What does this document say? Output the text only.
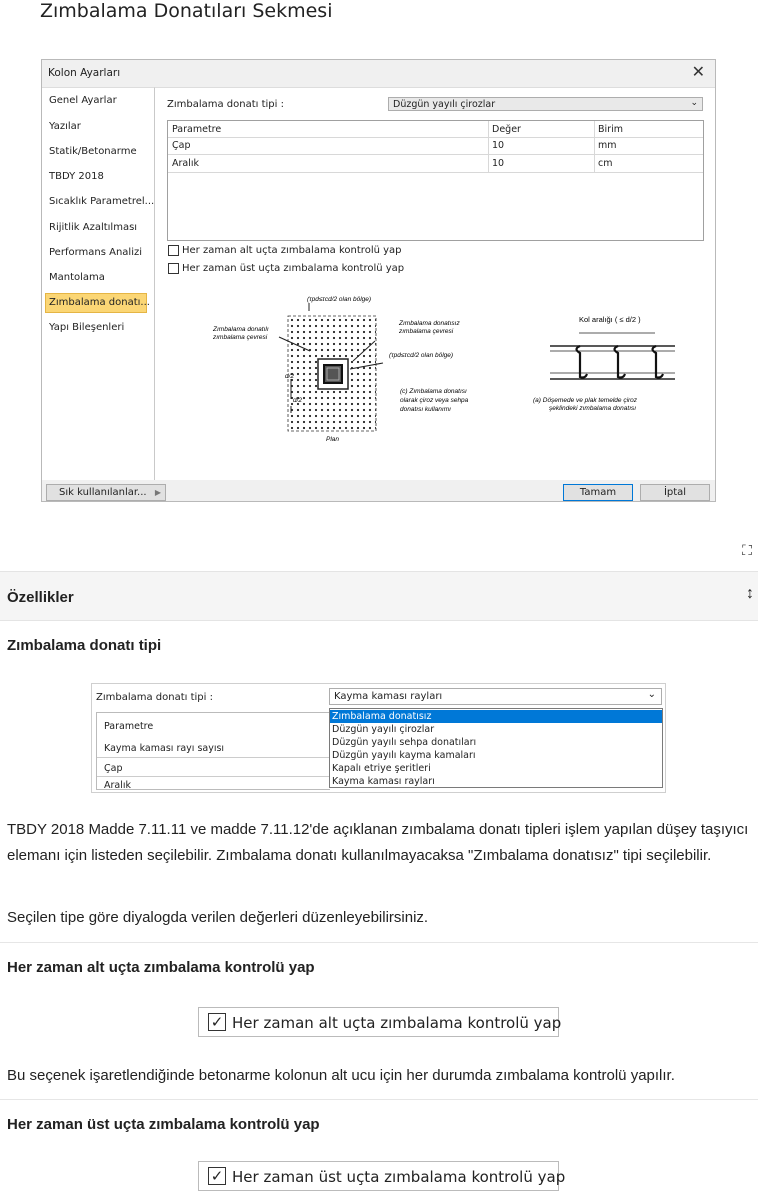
Zımbalama Donatıları Sekmesi
Kolon Ayarları	✕
Genel Ayarlar
Yazılar
Statik/Betonarme
TBDY 2018
Sıcaklık Parametrel...
Rijitlik Azaltılması
Performans Analizi
Mantolama
Zımbalama donatı...
Yapı Bileşenleri
Zımbalama donatı tipi :	Düzgün yayılı çirozlar	⌄
Parametre	Değer	Birim
Çap	10	mm
Aralık	10	cm
Her zaman alt uçta zımbalama kontrolü yap
Her zaman üst uçta zımbalama kontrolü yap
(τpd≤τcd/2 olan bölge)
Zımbalama donatılı
zımbalama çevresi
Zımbalama donatısız
zımbalama çevresi
(τpd≤τcd/2 olan bölge)
d/2
d/2
(c) Zımbalama donatısı
olarak çiroz veya sehpa
donatısı kullanımı
Plan
Kol aralığı ( ≤ d/2 )
(a) Döşemede ve plak temelde çiroz
şeklindeki zımbalama donatısı
Sık kullanılanlar... ▶	Tamam	İptal
⛶
Özellikler	↕
Zımbalama donatı tipi
Zımbalama donatı tipi :	Kayma kaması rayları	⌄
Parametre
Kayma kaması rayı sayısı
Çap
Aralık
Zımbalama donatısız
Düzgün yayılı çirozlar
Düzgün yayılı sehpa donatıları
Düzgün yayılı kayma kamaları
Kapalı etriye şeritleri
Kayma kaması rayları
TBDY 2018 Madde 7.11.11 ve madde 7.11.12'de açıklanan zımbalama donatı tipleri işlem yapılan düşey taşıyıcı elemanı için listeden seçilebilir. Zımbalama donatı kullanılmayacaksa "Zımbalama donatısız" tipi seçilebilir.
Seçilen tipe göre diyalogda verilen değerleri düzenleyebilirsiniz.
Her zaman alt uçta zımbalama kontrolü yap
✓ Her zaman alt uçta zımbalama kontrolü yap
Bu seçenek işaretlendiğinde betonarme kolonun alt ucu için her durumda zımbalama kontrolü yapılır.
Her zaman üst uçta zımbalama kontrolü yap
✓ Her zaman üst uçta zımbalama kontrolü yap
